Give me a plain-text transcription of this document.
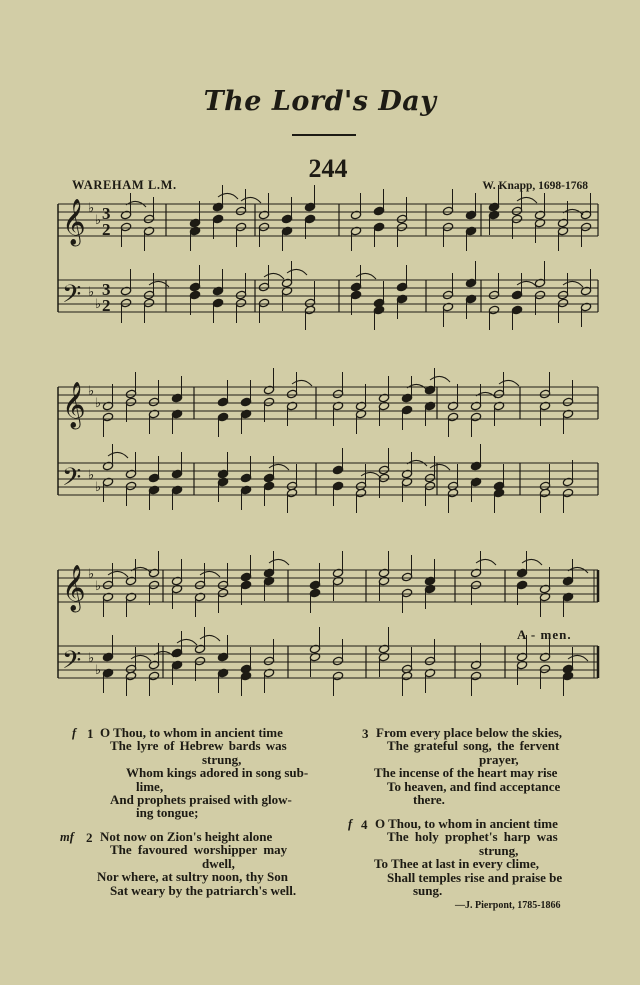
The Lord's Day
244
WAREHAM L.M.	W. Knapp, 1698-1768
𝄞 ♭
♭ 3
2
𝄢 ♭
♭
3
2
𝄞 ♭
♭
𝄢 ♭
♭
𝄞 ♭
♭
𝄢 ♭
♭
A - men.
f 1 O Thou, to whom in ancient time
The lyre of Hebrew bards was
strung,
Whom kings adored in song sub-
lime,
And prophets praised with glow-
ing tongue;
mf 2 Not now on Zion's height alone
The favoured worshipper may
dwell,
Nor where, at sultry noon, thy Son
Sat weary by the patriarch's well.
3 From every place below the skies,
The grateful song, the fervent
prayer,
The incense of the heart may rise
To heaven, and find acceptance
there.
f 4 O Thou, to whom in ancient time
The holy prophet's harp was
strung,
To Thee at last in every clime,
Shall temples rise and praise be
sung.
—J. Pierpont, 1785-1866
